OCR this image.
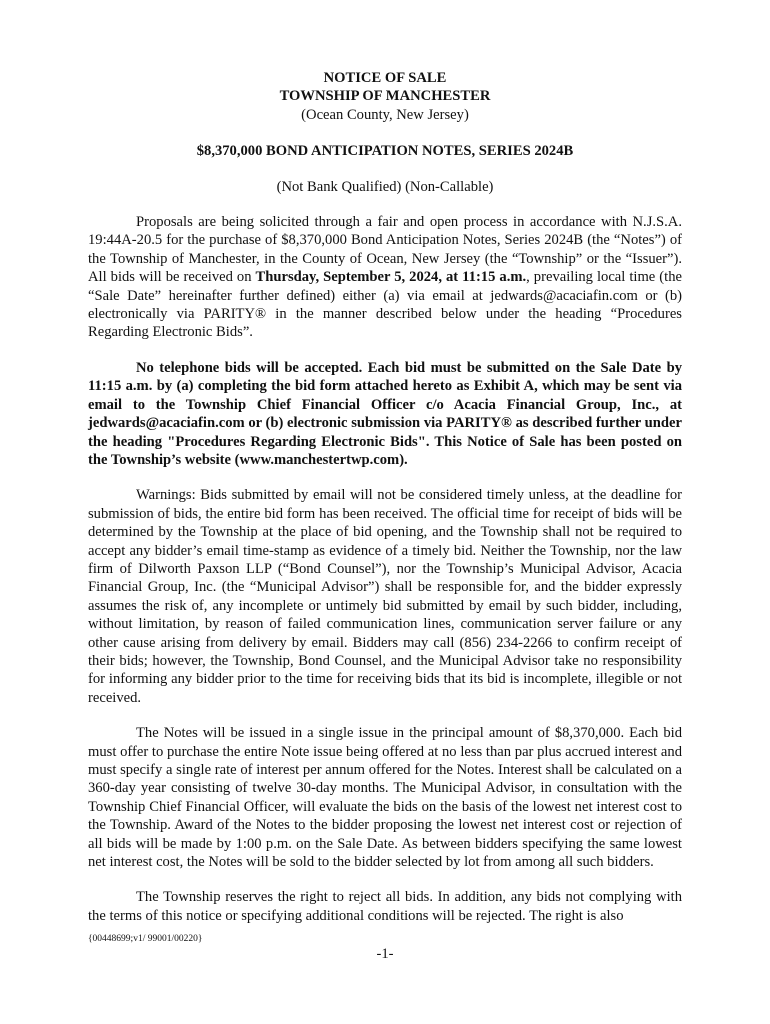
NOTICE OF SALE
TOWNSHIP OF MANCHESTER
(Ocean County, New Jersey)
$8,370,000 BOND ANTICIPATION NOTES, SERIES 2024B
(Not Bank Qualified) (Non-Callable)

Proposals are being solicited through a fair and open process in accordance with N.J.S.A. 19:44A-20.5 for the purchase of $8,370,000 Bond Anticipation Notes, Series 2024B (the “Notes”) of the Township of Manchester, in the County of Ocean, New Jersey (the “Township” or the “Issuer”). All bids will be received on Thursday, September 5, 2024, at 11:15 a.m., prevailing local time (the “Sale Date” hereinafter further defined) either (a) via email at jedwards@acaciafin.com or (b) electronically via PARITY® in the manner described below under the heading “Procedures Regarding Electronic Bids”.

No telephone bids will be accepted. Each bid must be submitted on the Sale Date by 11:15 a.m. by (a) completing the bid form attached hereto as Exhibit A, which may be sent via email to the Township Chief Financial Officer c/o Acacia Financial Group, Inc., at jedwards@acaciafin.com or (b) electronic submission via PARITY® as described further under the heading "Procedures Regarding Electronic Bids". This Notice of Sale has been posted on the Township’s website (www.manchestertwp.com).

Warnings: Bids submitted by email will not be considered timely unless, at the deadline for submission of bids, the entire bid form has been received. The official time for receipt of bids will be determined by the Township at the place of bid opening, and the Township shall not be required to accept any bidder’s email time-stamp as evidence of a timely bid. Neither the Township, nor the law firm of Dilworth Paxson LLP (“Bond Counsel”), nor the Township’s Municipal Advisor, Acacia Financial Group, Inc. (the “Municipal Advisor”) shall be responsible for, and the bidder expressly assumes the risk of, any incomplete or untimely bid submitted by email by such bidder, including, without limitation, by reason of failed communication lines, communication server failure or any other cause arising from delivery by email. Bidders may call (856) 234-2266 to confirm receipt of their bids; however, the Township, Bond Counsel, and the Municipal Advisor take no responsibility for informing any bidder prior to the time for receiving bids that its bid is incomplete, illegible or not received.

The Notes will be issued in a single issue in the principal amount of $8,370,000. Each bid must offer to purchase the entire Note issue being offered at no less than par plus accrued interest and must specify a single rate of interest per annum offered for the Notes. Interest shall be calculated on a 360-day year consisting of twelve 30-day months. The Municipal Advisor, in consultation with the Township Chief Financial Officer, will evaluate the bids on the basis of the lowest net interest cost to the Township. Award of the Notes to the bidder proposing the lowest net interest cost or rejection of all bids will be made by 1:00 p.m. on the Sale Date. As between bidders specifying the same lowest net interest cost, the Notes will be sold to the bidder selected by lot from among all such bidders.

The Township reserves the right to reject all bids. In addition, any bids not complying with the terms of this notice or specifying additional conditions will be rejected. The right is also

{00448699;v1/ 99001/00220}
-1-
